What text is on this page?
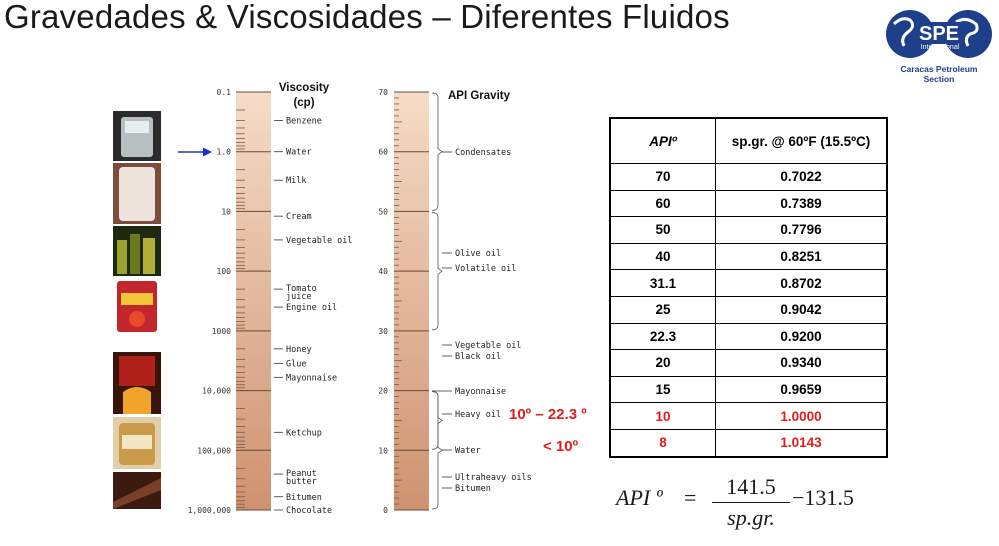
Gravedades & Viscosidades – Diferentes Fluidos	SPE
International
Caracas Petroleum Section
Viscosity
(cp)
API Gravity
0.1
1.0
10
100
1000
10,000
100,000
1,000,000
Benzene
Water
Milk
Cream
Vegetable oil
Tomato juice
Engine oil
Honey
Glue
Mayonnaise
Ketchup
Peanut butter
Bitumen
Chocolate	0
10
20
30
40
50
60
70
Condensates
Olive oil
Volatile oil
Vegetable oil
Black oil
Mayonnaise
Heavy oil
Water
Ultraheavy oils
Bitumen
10º – 22.3 º
< 10º
APIº	sp.gr. @ 60ºF (15.5ºC)
70	0.7022
60	0.7389
50	0.7796
40	0.8251
31.1	0.8702
25	0.9042
22.3	0.9200
20	0.9340
15	0.9659
10	1.0000
8	1.0143
API º =	141.5
sp.gr.
−131.5
